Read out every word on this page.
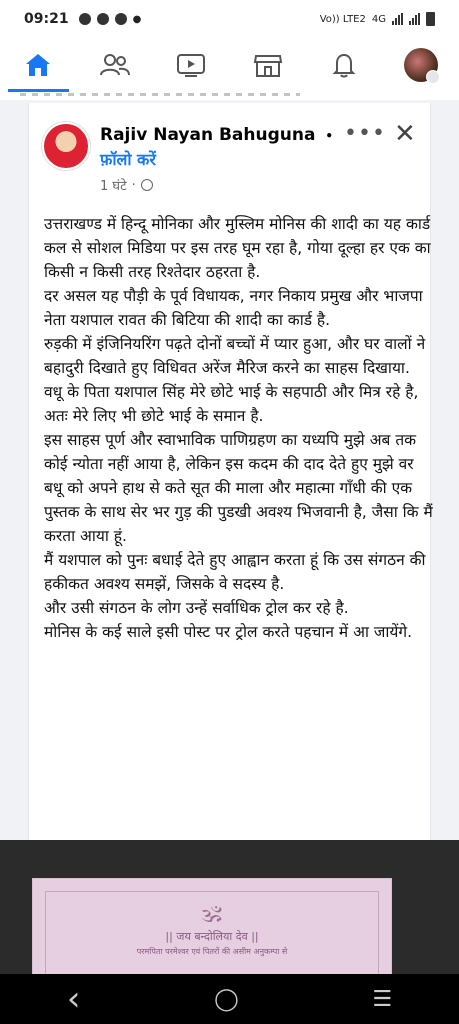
09:21	●	Vo)) LTE2 4G
Rajiv Nayan Bahuguna •
फ़ॉलो करें
1 घंटे ·
••• ✕

उत्तराखण्ड में हिन्दू मोनिका और मुस्लिम मोनिस की शादी का यह कार्ड कल से सोशल मिडिया पर इस तरह घूम रहा है, गोया दूल्हा हर एक का किसी न किसी तरह रिश्तेदार ठहरता है.

दर असल यह पौड़ी के पूर्व विधायक, नगर निकाय प्रमुख और भाजपा नेता यशपाल रावत की बिटिया की शादी का कार्ड है.

रुड़की में इंजिनियरिंग पढ़ते दोनों बच्चों में प्यार हुआ, और घर वालों ने बहादुरी दिखाते हुए विधिवत अरेंज मैरिज करने का साहस दिखाया.

वधू के पिता यशपाल सिंह मेरे छोटे भाई के सहपाठी और मित्र रहे है, अतः मेरे लिए भी छोटे भाई के समान है.

इस साहस पूर्ण और स्वाभाविक पाणिग्रहण का यध्यपि मुझे अब तक कोई न्योता नहीं आया है, लेकिन इस कदम की दाद देते हुए मुझे वर बधू को अपने हाथ से कते सूत की माला और महात्मा गाँधी की एक पुस्तक के साथ सेर भर गुड़ की पुडखी अवश्य भिजवानी है, जैसा कि मैं करता आया हूं.

मैं यशपाल को पुनः बधाई देते हुए आह्वान करता हूं कि उस संगठन की हकीकत अवश्य समझें, जिसके वे सदस्य है.

और उसी संगठन के लोग उन्हें सर्वाधिक ट्रोल कर रहे है.

मोनिस के कई साले इसी पोस्ट पर ट्रोल करते पहचान में आ जायेंगे.

🕉
|| जय बन्दोलिया देव ||
परमपिता परमेश्वर एवं पितरों की असीम अनुकम्पा से
‹	◯	☰
